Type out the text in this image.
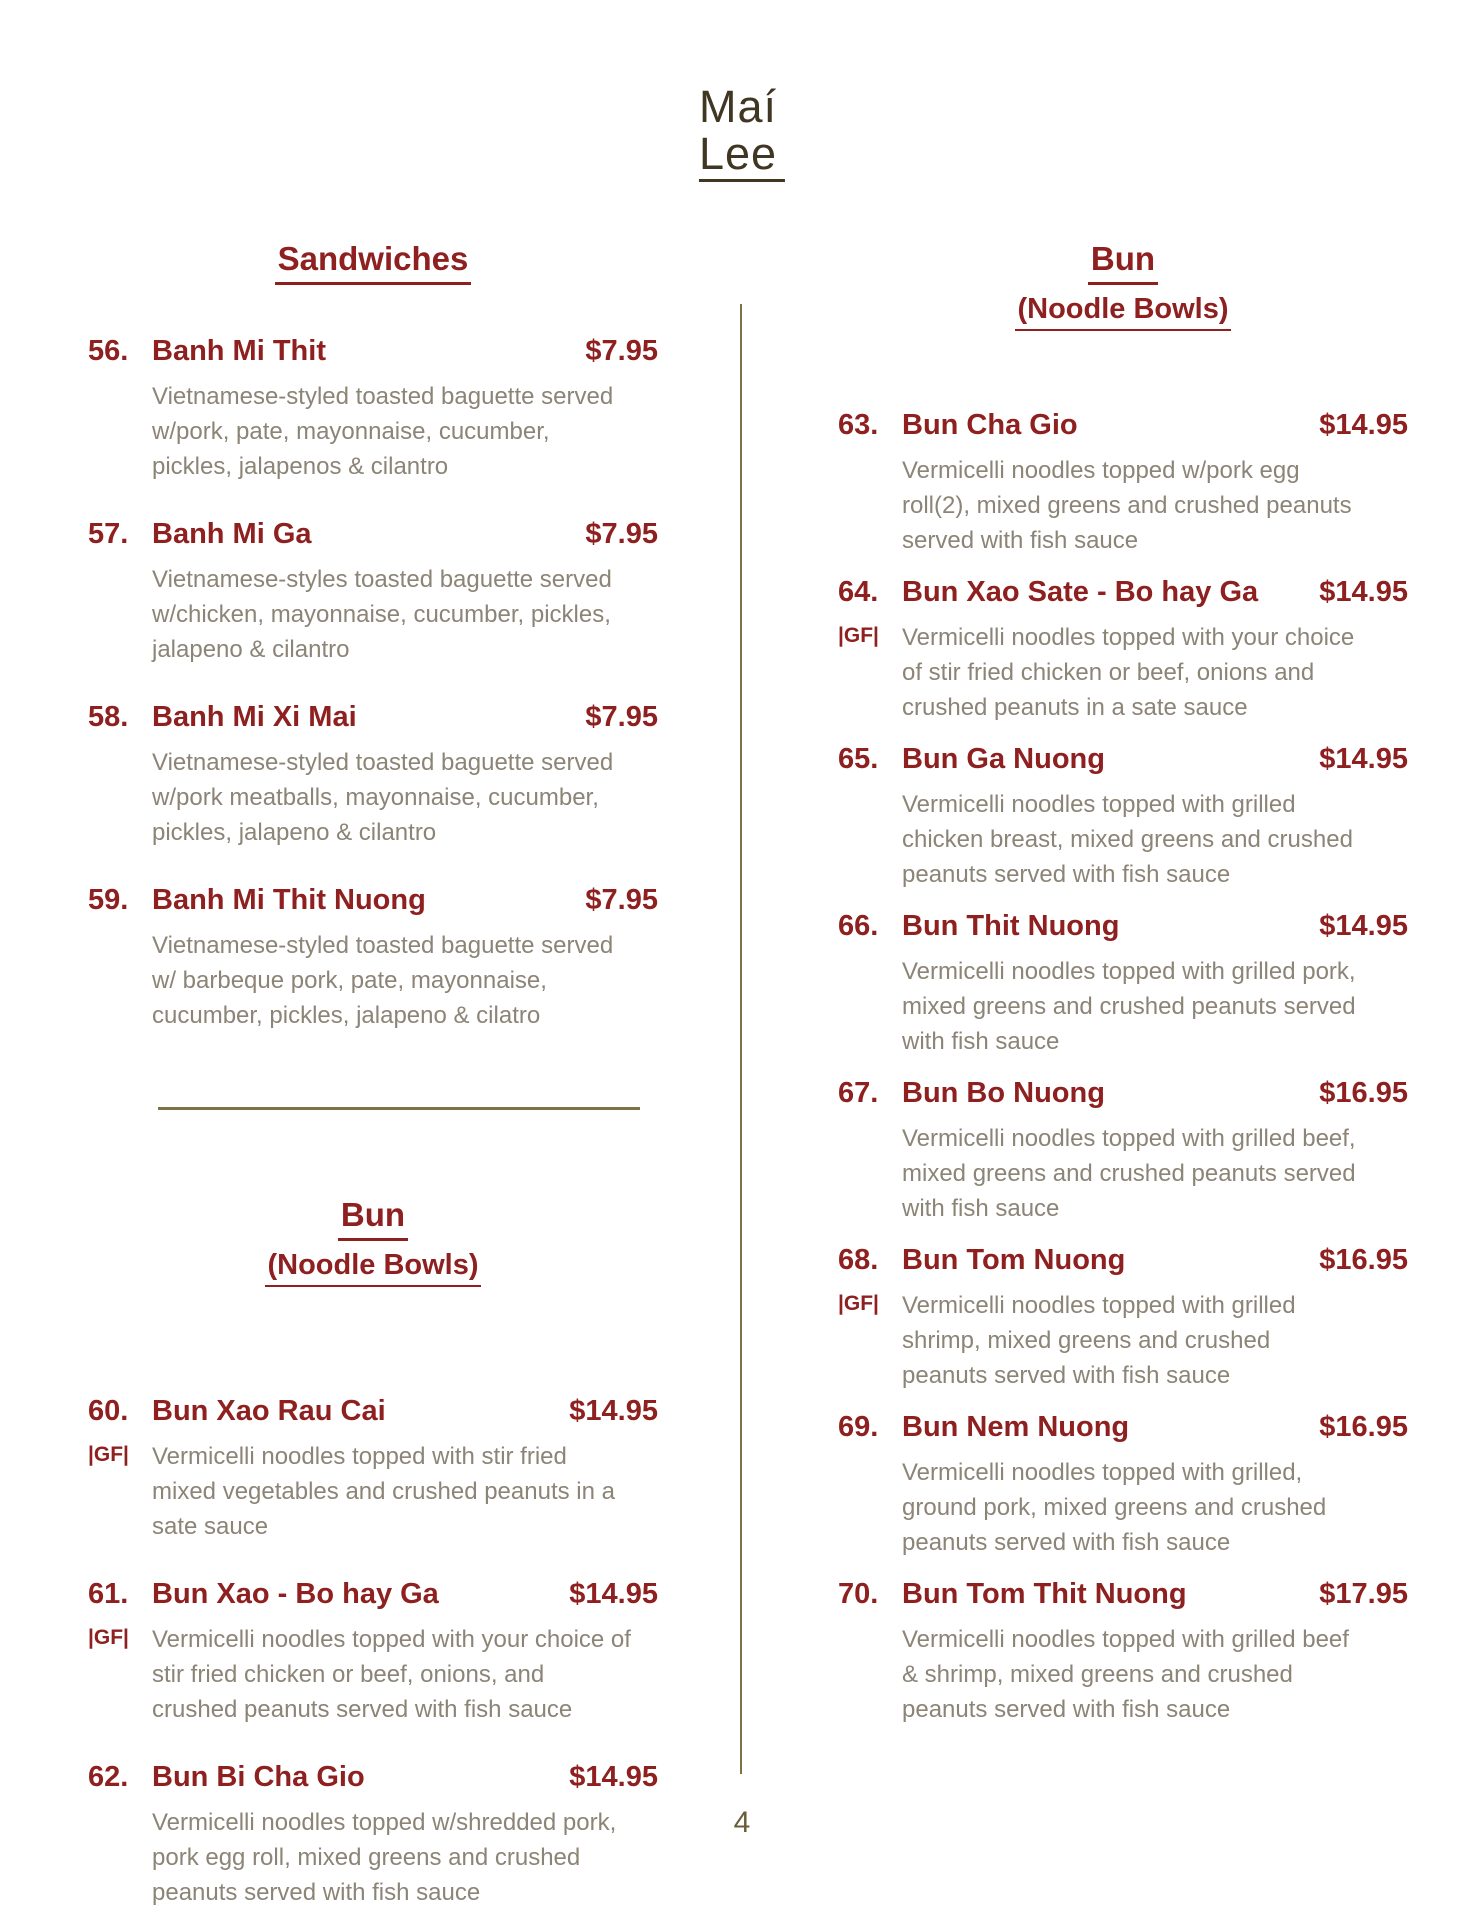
Maí
Lee
Sandwiches
56. Banh Mi Thit	$7.95
Vietnamese-styled toasted baguette served w/pork, pate, mayonnaise, cucumber, pickles, jalapenos & cilantro
57. Banh Mi Ga	$7.95
Vietnamese-styles toasted baguette served w/chicken, mayonnaise, cucumber, pickles, jalapeno & cilantro
58. Banh Mi Xi Mai	$7.95
Vietnamese-styled toasted baguette served w/pork meatballs, mayonnaise, cucumber, pickles, jalapeno & cilantro
59. Banh Mi Thit Nuong	$7.95
Vietnamese-styled toasted baguette served w/ barbeque pork, pate, mayonnaise, cucumber, pickles, jalapeno & cilatro
Bun
(Noodle Bowls)
60. Bun Xao Rau Cai	$14.95
|GF| Vermicelli noodles topped with stir fried mixed vegetables and crushed peanuts in a sate sauce
61. Bun Xao - Bo hay Ga	$14.95
|GF| Vermicelli noodles topped with your choice of stir fried chicken or beef, onions, and crushed peanuts served with fish sauce
62. Bun Bi Cha Gio	$14.95
Vermicelli noodles topped w/shredded pork, pork egg roll, mixed greens and crushed peanuts served with fish sauce
Bun
(Noodle Bowls)
63. Bun Cha Gio	$14.95
Vermicelli noodles topped w/pork egg roll(2), mixed greens and crushed peanuts served with fish sauce
64. Bun Xao Sate - Bo hay Ga	$14.95
|GF| Vermicelli noodles topped with your choice of stir fried chicken or beef, onions and crushed peanuts in a sate sauce
65. Bun Ga Nuong	$14.95
Vermicelli noodles topped with grilled chicken breast, mixed greens and crushed peanuts served with fish sauce
66. Bun Thit Nuong	$14.95
Vermicelli noodles topped with grilled pork, mixed greens and crushed peanuts served with fish sauce
67. Bun Bo Nuong	$16.95
Vermicelli noodles topped with grilled beef, mixed greens and crushed peanuts served with fish sauce
68. Bun Tom Nuong	$16.95
|GF| Vermicelli noodles topped with grilled shrimp, mixed greens and crushed peanuts served with fish sauce
69. Bun Nem Nuong	$16.95
Vermicelli noodles topped with grilled, ground pork, mixed greens and crushed peanuts served with fish sauce
70. Bun Tom Thit Nuong	$17.95
Vermicelli noodles topped with grilled beef & shrimp, mixed greens and crushed peanuts served with fish sauce
4
